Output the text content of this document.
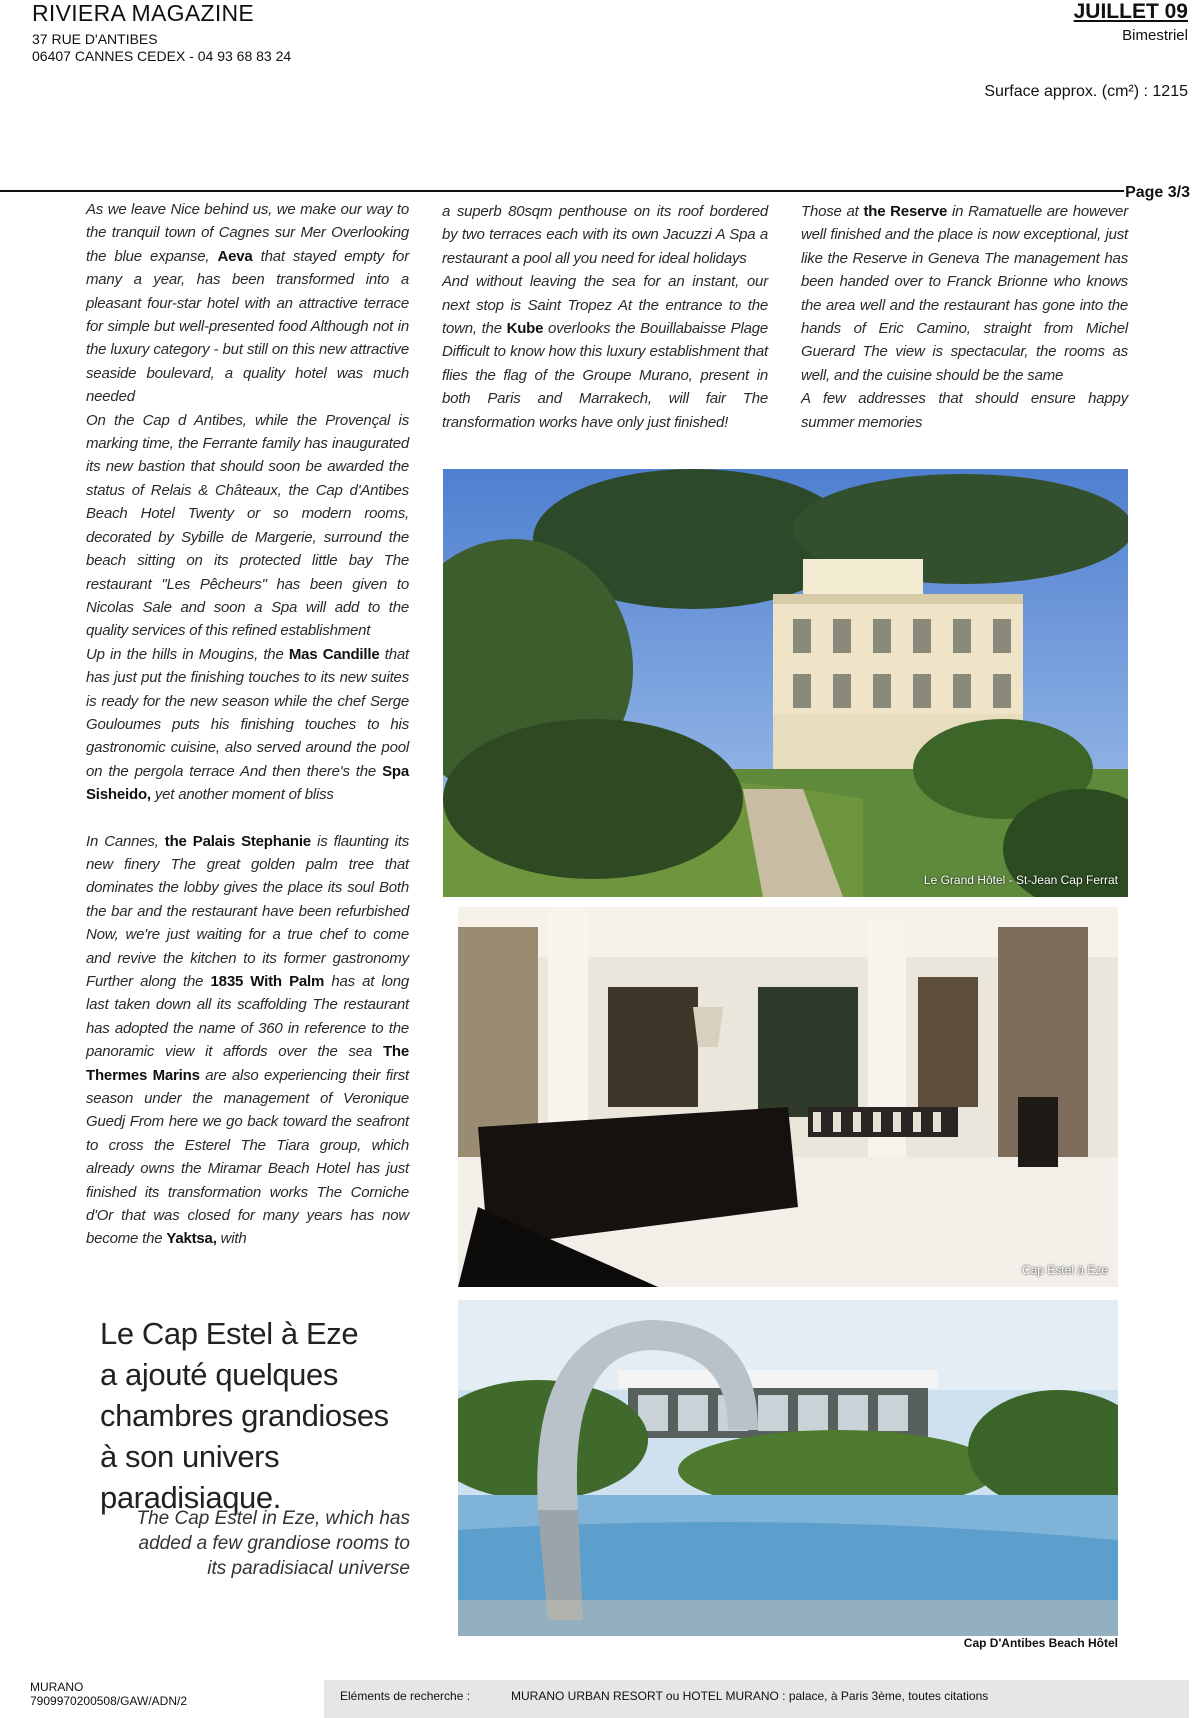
RIVIERA MAGAZINE
37 RUE D'ANTIBES
06407 CANNES CEDEX - 04 93 68 83 24
JUILLET 09
Bimestriel
Surface approx. (cm²) : 1215
Page 3/3

As we leave Nice behind us, we make our way to the tranquil town of Cagnes sur Mer Overlooking the blue expanse, Aeva that stayed empty for many a year, has been transformed into a pleasant four-star hotel with an attractive terrace for simple but well-presented food Although not in the luxury category - but still on this new attractive seaside boulevard, a quality hotel was much needed

On the Cap d Antibes, while the Provençal is marking time, the Ferrante family has inaugurated its new bastion that should soon be awarded the status of Relais & Châteaux, the Cap d'Antibes Beach Hotel Twenty or so modern rooms, decorated by Sybille de Margerie, surround the beach sitting on its protected little bay The restaurant "Les Pêcheurs" has been given to Nicolas Sale and soon a Spa will add to the quality services of this refined establishment

Up in the hills in Mougins, the Mas Candille that has just put the finishing touches to its new suites is ready for the new season while the chef Serge Gouloumes puts his finishing touches to his gastronomic cuisine, also served around the pool on the pergola terrace And then there's the Spa Sisheido, yet another moment of bliss

In Cannes, the Palais Stephanie is flaunting its new finery The great golden palm tree that dominates the lobby gives the place its soul Both the bar and the restaurant have been refurbished Now, we're just waiting for a true chef to come and revive the kitchen to its former gastronomy Further along the 1835 With Palm has at long last taken down all its scaffolding The restaurant has adopted the name of 360 in reference to the panoramic view it affords over the sea The Thermes Marins are also experiencing their first season under the management of Veronique Guedj From here we go back toward the seafront to cross the Esterel The Tiara group, which already owns the Miramar Beach Hotel has just finished its transformation works The Corniche d'Or that was closed for many years has now become the Yaktsa, with

a superb 80sqm penthouse on its roof bordered by two terraces each with its own Jacuzzi A Spa a restaurant a pool all you need for ideal holidays

And without leaving the sea for an instant, our next stop is Saint Tropez At the entrance to the town, the Kube overlooks the Bouillabaisse Plage Difficult to know how this luxury establishment that flies the flag of the Groupe Murano, present in both Paris and Marrakech, will fair The transformation works have only just finished!

Those at the Reserve in Ramatuelle are however well finished and the place is now exceptional, just like the Reserve in Geneva The management has been handed over to Franck Brionne who knows the area well and the restaurant has gone into the hands of Eric Camino, straight from Michel Guerard The view is spectacular, the rooms as well, and the cuisine should be the same

A few addresses that should ensure happy summer memories

Le Grand Hôtel - St-Jean Cap Ferrat
Cap Estel à Eze
Cap D'Antibes Beach Hôtel
Le Cap Estel à Eze
a ajouté quelques
chambres grandioses
à son univers
paradisiaque.
The Cap Estel in Eze, which has
added a few grandiose rooms to
its paradisiacal universe
MURANO
7909970200508/GAW/ADN/2	Eléments de recherche :	MURANO URBAN RESORT ou HOTEL MURANO : palace, à Paris 3ème, toutes citations
